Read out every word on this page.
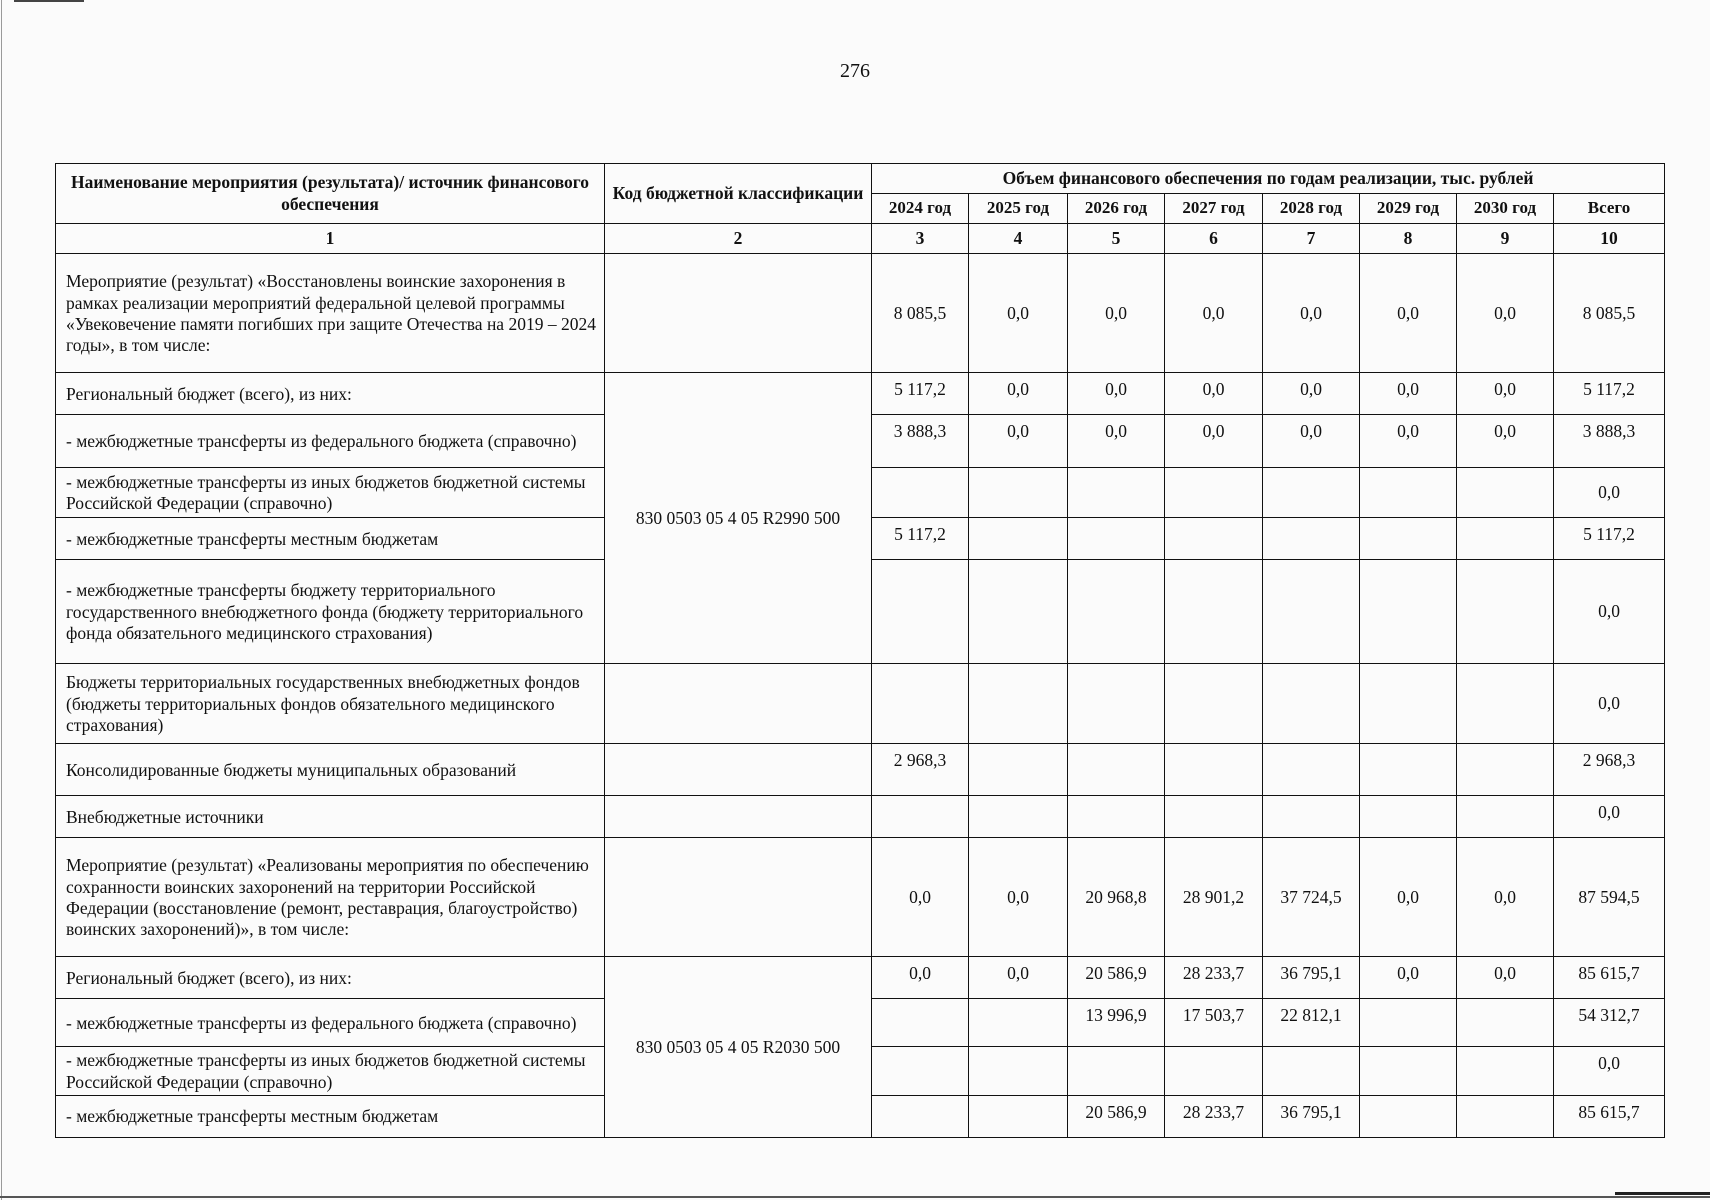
276
Наименование мероприятия (результата)/ источник финансового обеспечения	Код бюджетной классификации	Объем финансового обеспечения по годам реализации, тыс. рублей							
		2024 год	2025 год	2026 год	2027 год	2028 год	2029 год	2030 год	Всего
1	2	3	4	5	6	7	8	9	10
Мероприятие (результат) «Восстановлены воинские захоронения в рамках реализации мероприятий федеральной целевой программы «Увековечение памяти погибших при защите Отечества на 2019 – 2024 годы», в том числе:		8 085,5	0,0	0,0	0,0	0,0	0,0	0,0	8 085,5
Региональный бюджет (всего), из них:	830 0503 05 4 05 R2990 500	5 117,2	0,0	0,0	0,0	0,0	0,0	0,0	5 117,2
- межбюджетные трансферты из федерального бюджета (справочно)		3 888,3	0,0	0,0	0,0	0,0	0,0	0,0	3 888,3
- межбюджетные трансферты из иных бюджетов бюджетной системы Российской Федерации (справочно)									0,0
- межбюджетные трансферты местным бюджетам		5 117,2							5 117,2
- межбюджетные трансферты бюджету территориального государственного внебюджетного фонда (бюджету территориального фонда обязательного медицинского страхования)									0,0
Бюджеты территориальных государственных внебюджетных фондов (бюджеты территориальных фондов обязательного медицинского страхования)									0,0
Консолидированные бюджеты муниципальных образований		2 968,3							2 968,3
Внебюджетные источники									0,0
Мероприятие (результат) «Реализованы мероприятия по обеспечению сохранности воинских захоронений на территории Российской Федерации (восстановление (ремонт, реставрация, благоустройство) воинских захоронений)», в том числе:		0,0	0,0	20 968,8	28 901,2	37 724,5	0,0	0,0	87 594,5
Региональный бюджет (всего), из них:	830 0503 05 4 05 R2030 500	0,0	0,0	20 586,9	28 233,7	36 795,1	0,0	0,0	85 615,7
- межбюджетные трансферты из федерального бюджета (справочно)				13 996,9	17 503,7	22 812,1			54 312,7
- межбюджетные трансферты из иных бюджетов бюджетной системы Российской Федерации (справочно)									0,0
- межбюджетные трансферты местным бюджетам				20 586,9	28 233,7	36 795,1			85 615,7
